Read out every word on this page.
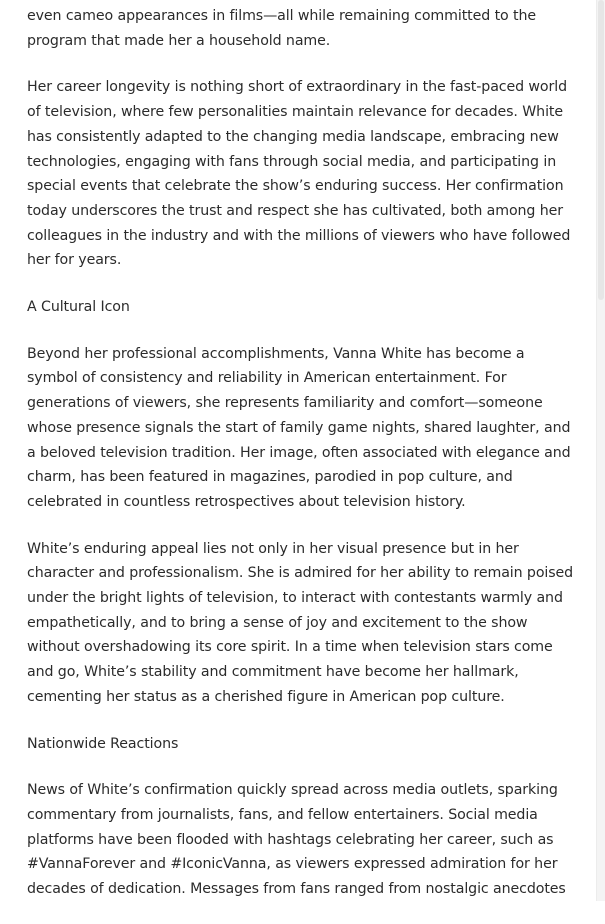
even cameo appearances in films—all while remaining committed to the program that made her a household name.

Her career longevity is nothing short of extraordinary in the fast-paced world of television, where few personalities maintain relevance for decades. White has consistently adapted to the changing media landscape, embracing new technologies, engaging with fans through social media, and participating in special events that celebrate the show’s enduring success. Her confirmation today underscores the trust and respect she has cultivated, both among her colleagues in the industry and with the millions of viewers who have followed her for years.

A Cultural Icon

Beyond her professional accomplishments, Vanna White has become a symbol of consistency and reliability in American entertainment. For generations of viewers, she represents familiarity and comfort—someone whose presence signals the start of family game nights, shared laughter, and a beloved television tradition. Her image, often associated with elegance and charm, has been featured in magazines, parodied in pop culture, and celebrated in countless retrospectives about television history.

White’s enduring appeal lies not only in her visual presence but in her character and professionalism. She is admired for her ability to remain poised under the bright lights of television, to interact with contestants warmly and empathetically, and to bring a sense of joy and excitement to the show without overshadowing its core spirit. In a time when television stars come and go, White’s stability and commitment have become her hallmark, cementing her status as a cherished figure in American pop culture.

Nationwide Reactions

News of White’s confirmation quickly spread across media outlets, sparking commentary from journalists, fans, and fellow entertainers. Social media platforms have been flooded with hashtags celebrating her career, such as #VannaForever and #IconicVanna, as viewers expressed admiration for her decades of dedication. Messages from fans ranged from nostalgic anecdotes
